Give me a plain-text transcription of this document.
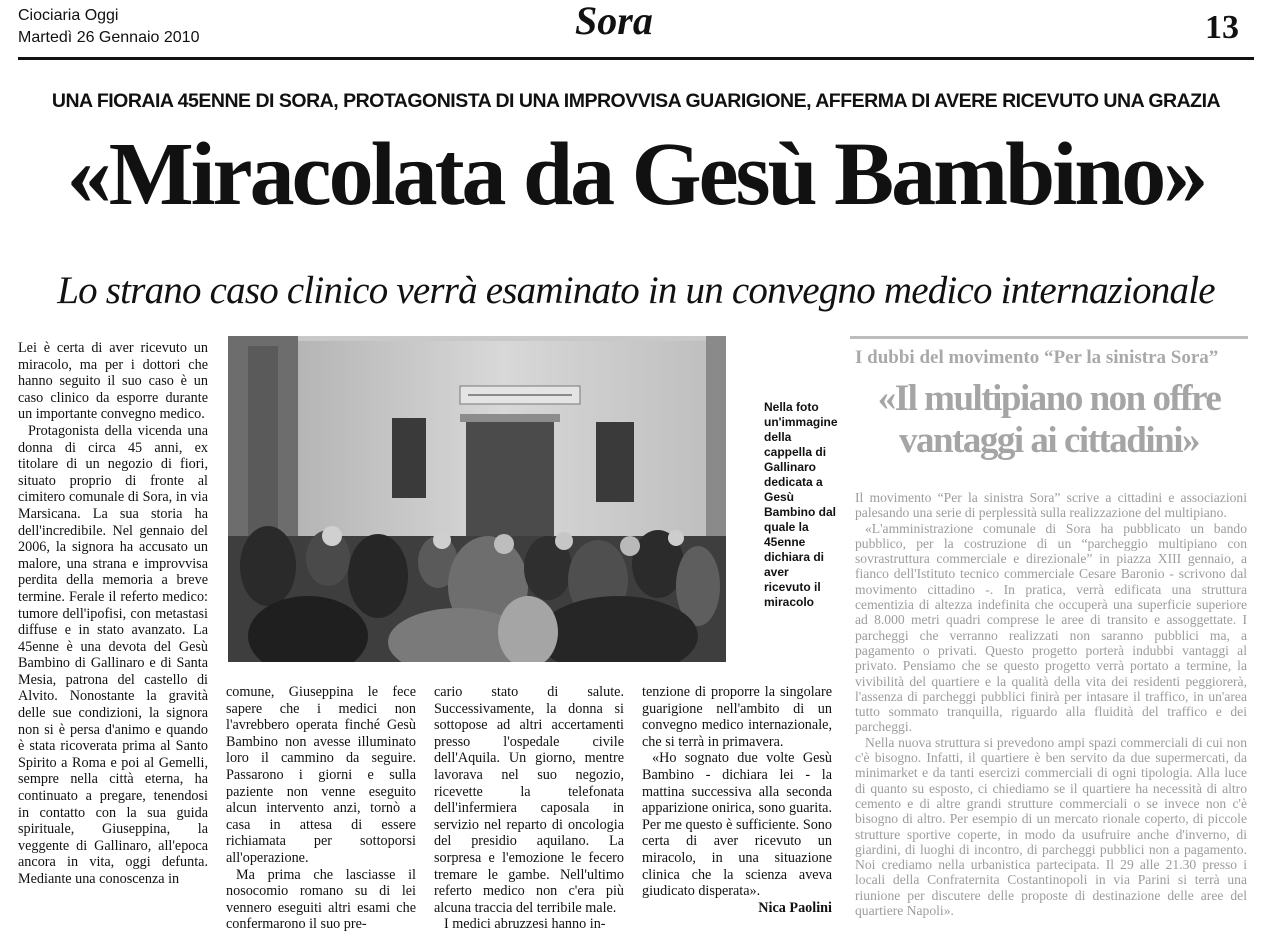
Ciociaria Oggi
Martedì 26 Gennaio 2010	Sora	13
UNA FIORAIA 45ENNE DI SORA, PROTAGONISTA DI UNA IMPROVVISA GUARIGIONE, AFFERMA DI AVERE RICEVUTO UNA GRAZIA
«Miracolata da Gesù Bambino»
Lo strano caso clinico verrà esaminato in un convegno medico internazionale

Lei è certa di aver ricevuto un miracolo, ma per i dottori che hanno seguito il suo caso è un caso clinico da esporre durante un importante convegno medico.

Protagonista della vicenda una donna di circa 45 anni, ex titolare di un negozio di fiori, situato proprio di fronte al cimitero comunale di Sora, in via Marsicana. La sua storia ha dell'incredibile. Nel gennaio del 2006, la signora ha accusato un malore, una strana e improvvisa perdita della memoria a breve termine. Ferale il referto medico: tumore dell'ipofisi, con metastasi diffuse e in stato avanzato. La 45enne è una devota del Gesù Bambino di Gallinaro e di Santa Mesia, patrona del castello di Alvito. Nonostante la gravità delle sue condizioni, la signora non si è persa d'animo e quando è stata ricoverata prima al Santo Spirito a Roma e poi al Gemelli, sempre nella città eterna, ha continuato a pregare, tenendosi in contatto con la sua guida spirituale, Giuseppina, la veggente di Gallinaro, all'epoca ancora in vita, oggi defunta. Mediante una conoscenza in

Nella foto un'immagine della cappella di Gallinaro dedicata a Gesù Bambino dal quale la 45enne dichiara di aver ricevuto il miracolo

comune, Giuseppina le fece sapere che i medici non l'avrebbero operata finché Gesù Bambino non avesse illuminato loro il cammino da seguire. Passarono i giorni e sulla paziente non venne eseguito alcun intervento anzi, tornò a casa in attesa di essere richiamata per sottoporsi all'operazione.

Ma prima che lasciasse il nosocomio romano su di lei vennero eseguiti altri esami che confermarono il suo pre-

cario stato di salute. Successivamente, la donna si sottopose ad altri accertamenti presso l'ospedale civile dell'Aquila. Un giorno, mentre lavorava nel suo negozio, ricevette la telefonata dell'infermiera caposala in servizio nel reparto di oncologia del presidio aquilano. La sorpresa e l'emozione le fecero tremare le gambe. Nell'ultimo referto medico non c'era più alcuna traccia del terribile male.

I medici abruzzesi hanno in-

tenzione di proporre la singolare guarigione nell'ambito di un convegno medico internazionale, che si terrà in primavera.

«Ho sognato due volte Gesù Bambino - dichiara lei - la mattina successiva alla seconda apparizione onirica, sono guarita. Per me questo è sufficiente. Sono certa di aver ricevuto un miracolo, in una situazione clinica che la scienza aveva giudicato disperata».

Nica Paolini

I dubbi del movimento “Per la sinistra Sora”
«Il multipiano non offre vantaggi ai cittadini»

Il movimento “Per la sinistra Sora” scrive a cittadini e associazioni palesando una serie di perplessità sulla realizzazione del multipiano.

«L'amministrazione comunale di Sora ha pubblicato un bando pubblico, per la costruzione di un “parcheggio multipiano con sovrastruttura commerciale e direzionale” in piazza XIII gennaio, a fianco dell'Istituto tecnico commerciale Cesare Baronio - scrivono dal movimento cittadino -. In pratica, verrà edificata una struttura cementizia di altezza indefinita che occuperà una superficie superiore ad 8.000 metri quadri comprese le aree di transito e assoggettate. I parcheggi che verranno realizzati non saranno pubblici ma, a pagamento o privati. Questo progetto porterà indubbi vantaggi al privato. Pensiamo che se questo progetto verrà portato a termine, la vivibilità del quartiere e la qualità della vita dei residenti peggiorerà, l'assenza di parcheggi pubblici finirà per intasare il traffico, in un'area tutto sommato tranquilla, riguardo alla fluidità del traffico e dei parcheggi.

Nella nuova struttura si prevedono ampi spazi commerciali di cui non c'è bisogno. Infatti, il quartiere è ben servito da due supermercati, da minimarket e da tanti esercizi commerciali di ogni tipologia. Alla luce di quanto su esposto, ci chiediamo se il quartiere ha necessità di altro cemento e di altre grandi strutture commerciali o se invece non c'è bisogno di altro. Per esempio di un mercato rionale coperto, di piccole strutture sportive coperte, in modo da usufruire anche d'inverno, di giardini, di luoghi di incontro, di parcheggi pubblici non a pagamento. Noi crediamo nella urbanistica partecipata. Il 29 alle 21.30 presso i locali della Confraternita Costantinopoli in via Parini si terrà una riunione per discutere delle proposte di destinazione delle aree del quartiere Napoli».
